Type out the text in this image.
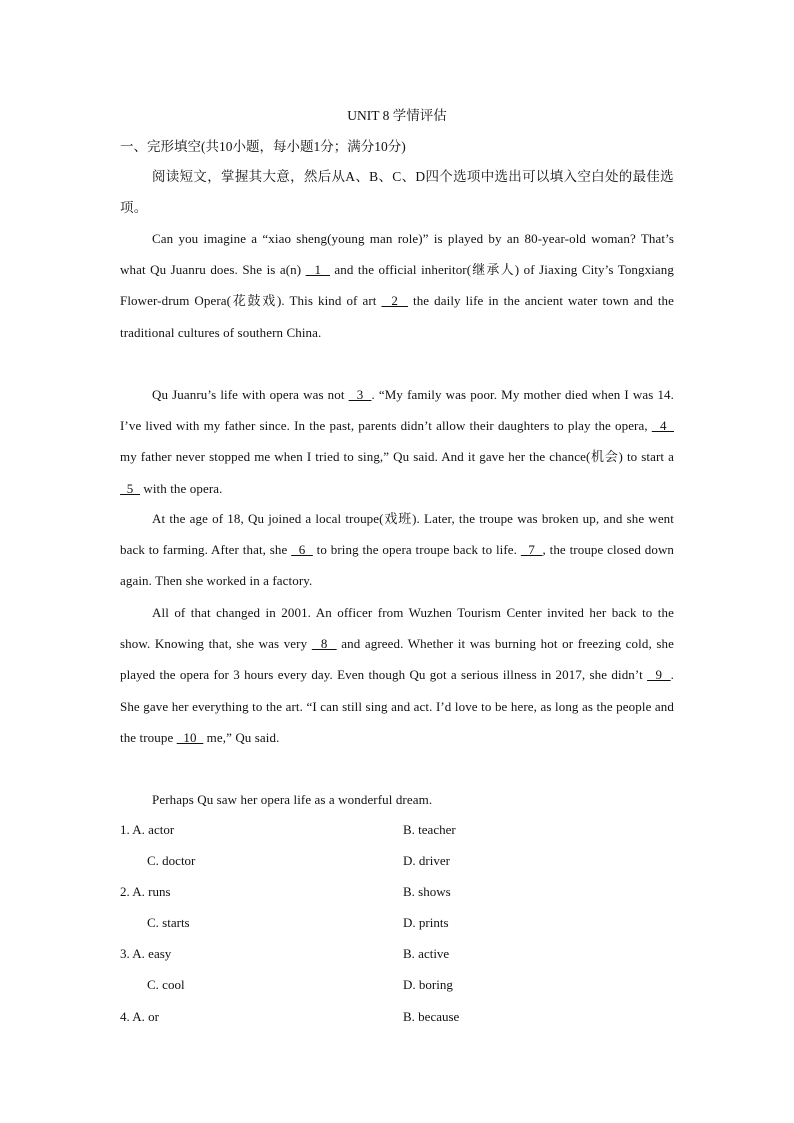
UNIT 8 学情评估
一、完形填空(共10小题，每小题1分；满分10分)
阅读短文，掌握其大意，然后从A、B、C、D四个选项中选出可以填入空白处的最佳选项。
Can you imagine a “xiao sheng(young man role)” is played by an 80-year-old woman? That’s what Qu Juanru does. She is a(n)   1   and the official inheritor(继承人) of Jiaxing City’s Tongxiang Flower-drum Opera(花鼓戏). This kind of art   2   the daily life in the ancient water town and the traditional cultures of southern China.
Qu Juanru’s life with opera was not   3  . “My family was poor. My mother died when I was 14. I’ve lived with my father since. In the past, parents didn’t allow their daughters to play the opera,   4   my father never stopped me when I tried to sing,” Qu said. And it gave her the chance(机会) to start a   5   with the opera.
At the age of 18, Qu joined a local troupe(戏班). Later, the troupe was broken up, and she went back to farming. After that, she   6   to bring the opera troupe back to life.   7  , the troupe closed down again. Then she worked in a factory.
All of that changed in 2001. An officer from Wuzhen Tourism Center invited her back to the show. Knowing that, she was very   8   and agreed. Whether it was burning hot or freezing cold, she played the opera for 3 hours every day. Even though Qu got a serious illness in 2017, she didn’t   9  . She gave her everything to the art. “I can still sing and act. I’d love to be here, as long as the people and the troupe   10   me,” Qu said.
Perhaps Qu saw her opera life as a wonderful dream.
1. A. actor	B. teacher
C. doctor	D. driver
2. A. runs	B. shows
C. starts	D. prints
3. A. easy	B. active
C. cool	D. boring
4. A. or	B. because
